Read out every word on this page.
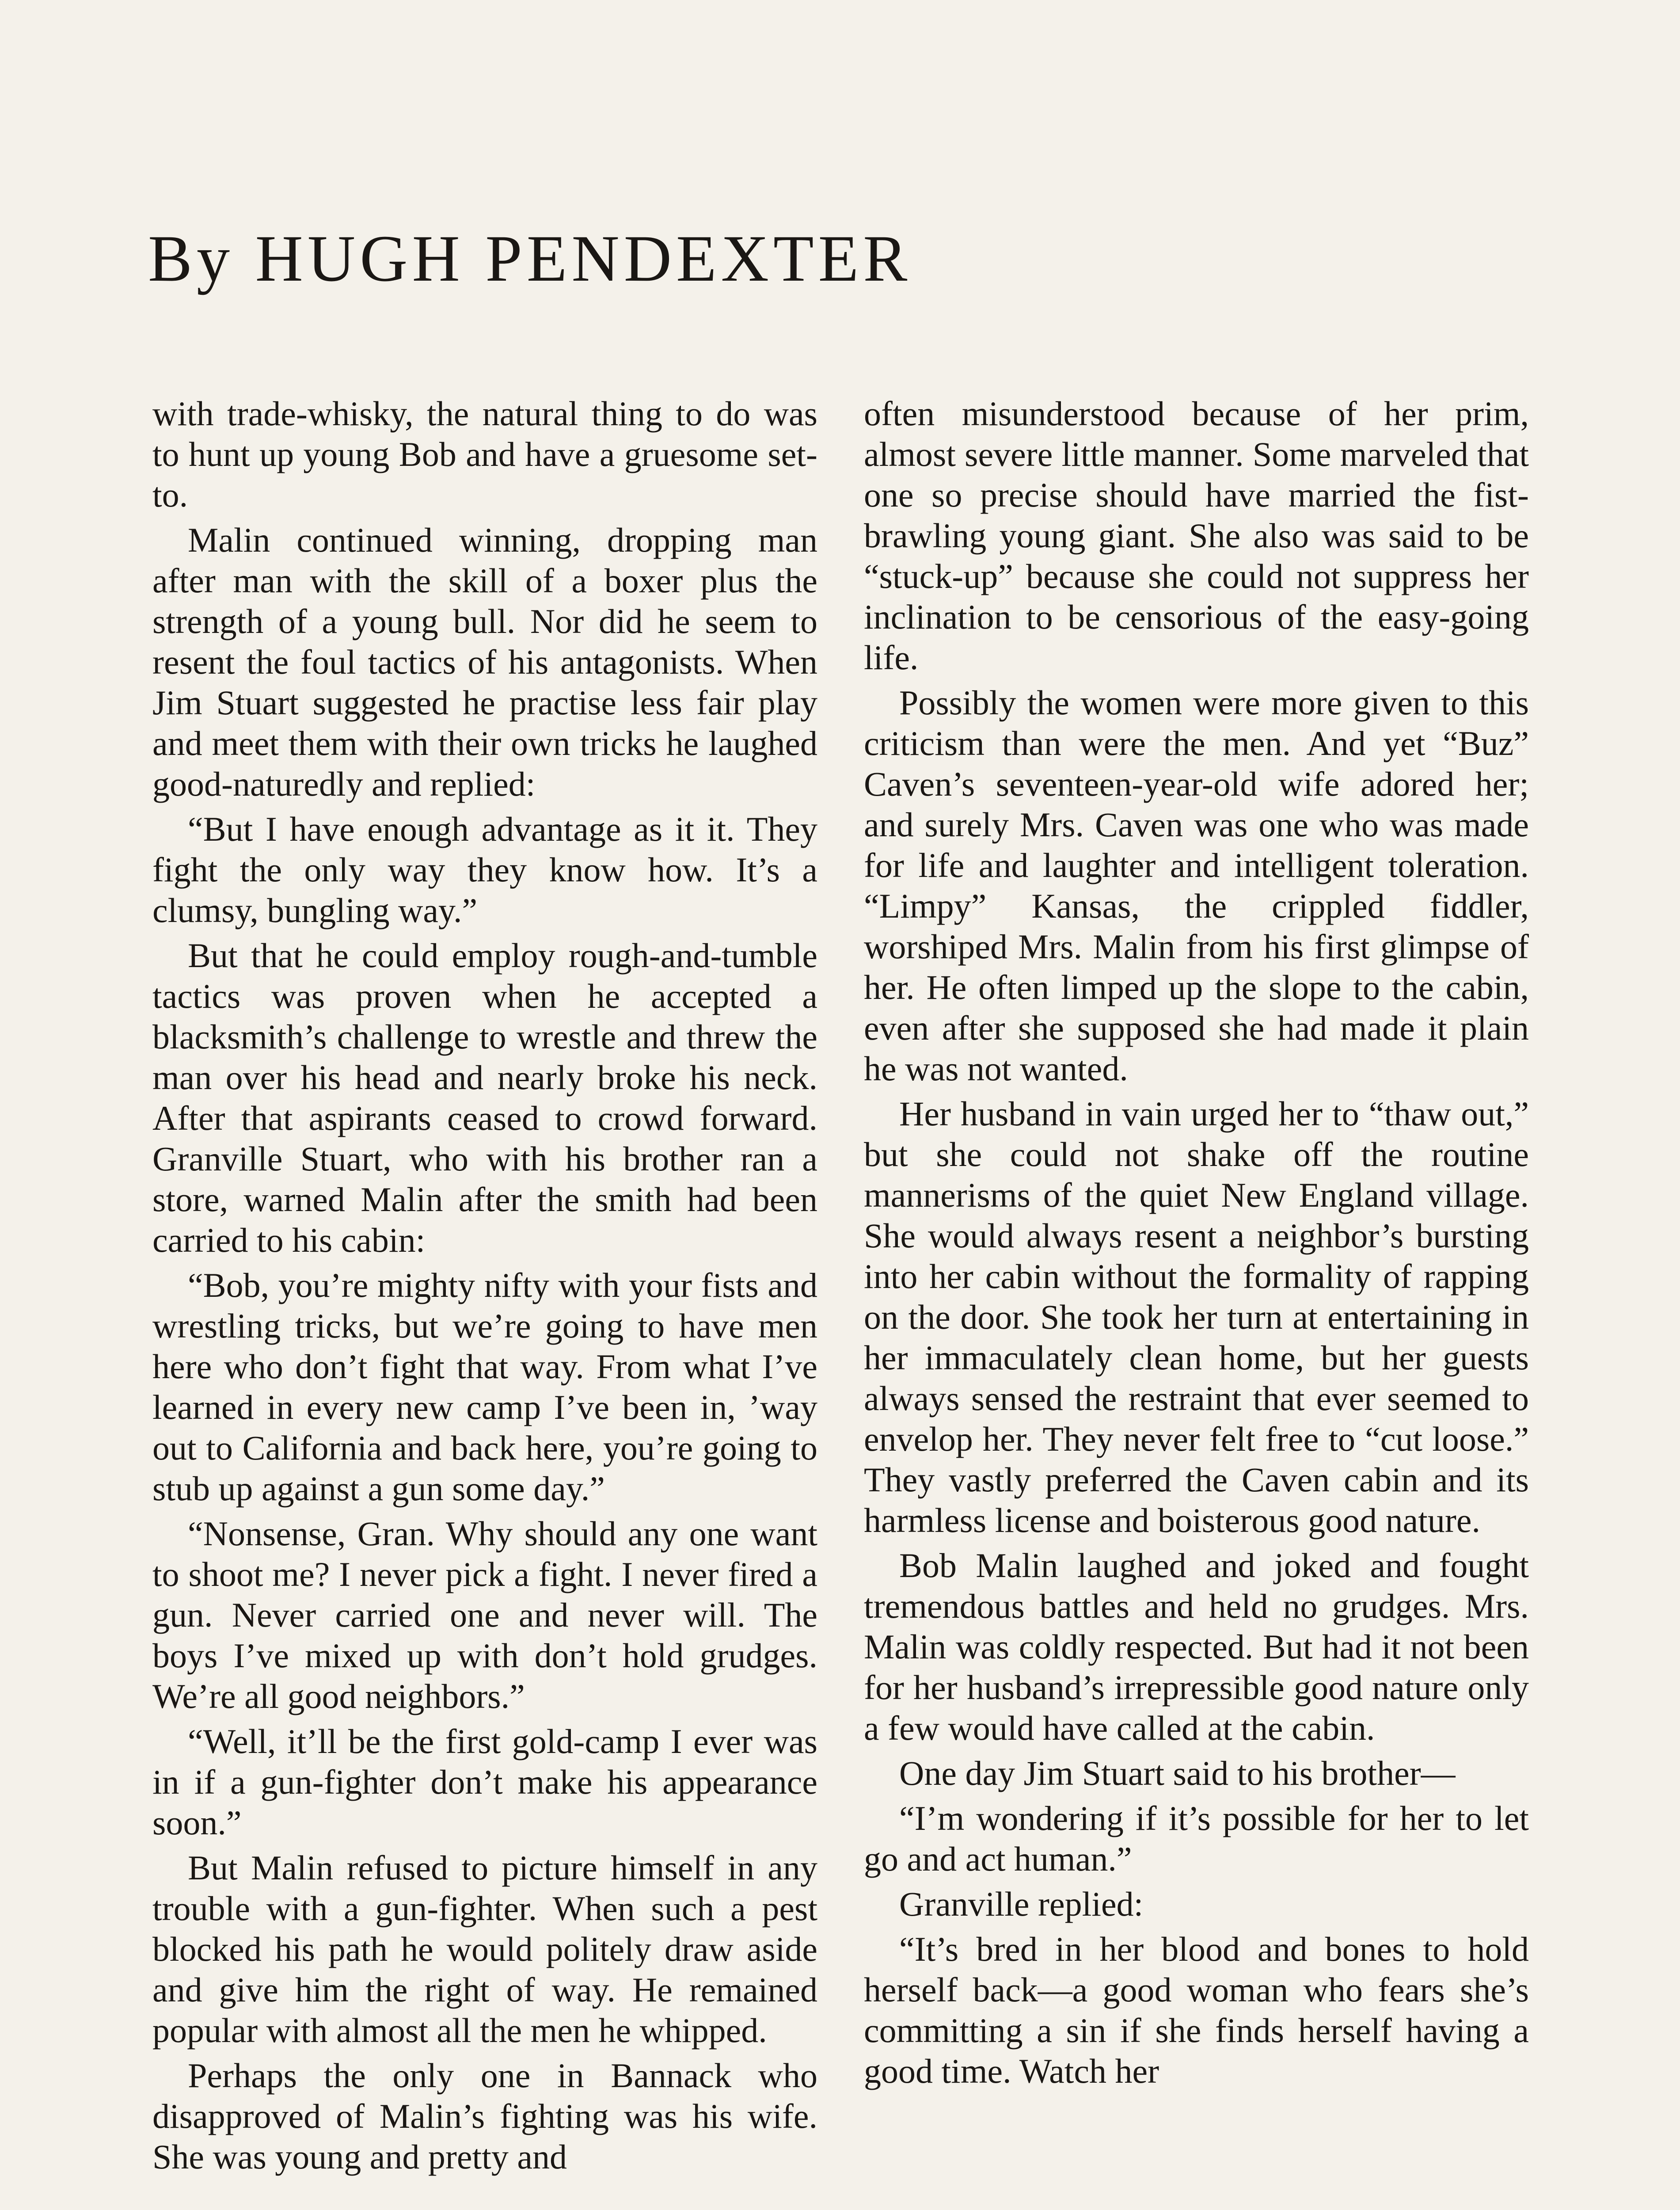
By HUGH PENDEXTER

with trade-whisky, the natural thing to do was to hunt up young Bob and have a gruesome set-to.

Malin continued winning, dropping man after man with the skill of a boxer plus the strength of a young bull. Nor did he seem to resent the foul tactics of his antagonists. When Jim Stuart suggested he practise less fair play and meet them with their own tricks he laughed good-naturedly and replied:

“But I have enough advantage as it it. They fight the only way they know how. It’s a clumsy, bungling way.”

But that he could employ rough-and-tumble tactics was proven when he accepted a blacksmith’s challenge to wrestle and threw the man over his head and nearly broke his neck. After that aspirants ceased to crowd forward. Granville Stuart, who with his brother ran a store, warned Malin after the smith had been carried to his cabin:

“Bob, you’re mighty nifty with your fists and wrestling tricks, but we’re going to have men here who don’t fight that way. From what I’ve learned in every new camp I’ve been in, ’way out to California and back here, you’re going to stub up against a gun some day.”

“Nonsense, Gran. Why should any one want to shoot me? I never pick a fight. I never fired a gun. Never carried one and never will. The boys I’ve mixed up with don’t hold grudges. We’re all good neighbors.”

“Well, it’ll be the first gold-camp I ever was in if a gun-fighter don’t make his appearance soon.”

But Malin refused to picture himself in any trouble with a gun-fighter. When such a pest blocked his path he would politely draw aside and give him the right of way. He remained popular with almost all the men he whipped.

Perhaps the only one in Bannack who disapproved of Malin’s fighting was his wife. She was young and pretty and

often misunderstood because of her prim, almost severe little manner. Some marveled that one so precise should have married the fist-brawling young giant. She also was said to be “stuck-up” because she could not suppress her inclination to be censorious of the easy-going life.

Possibly the women were more given to this criticism than were the men. And yet “Buz” Caven’s seventeen-year-old wife adored her; and surely Mrs. Caven was one who was made for life and laughter and intelligent toleration. “Limpy” Kansas, the crippled fiddler, worshiped Mrs. Malin from his first glimpse of her. He often limped up the slope to the cabin, even after she supposed she had made it plain he was not wanted.

Her husband in vain urged her to “thaw out,” but she could not shake off the routine mannerisms of the quiet New England village. She would always resent a neighbor’s bursting into her cabin without the formality of rapping on the door. She took her turn at entertaining in her immaculately clean home, but her guests always sensed the restraint that ever seemed to envelop her. They never felt free to “cut loose.” They vastly preferred the Caven cabin and its harmless license and boisterous good nature.

Bob Malin laughed and joked and fought tremendous battles and held no grudges. Mrs. Malin was coldly respected. But had it not been for her husband’s irrepressible good nature only a few would have called at the cabin.

One day Jim Stuart said to his brother—

“I’m wondering if it’s possible for her to let go and act human.”

Granville replied:

“It’s bred in her blood and bones to hold herself back—a good woman who fears she’s committing a sin if she finds herself having a good time. Watch her
